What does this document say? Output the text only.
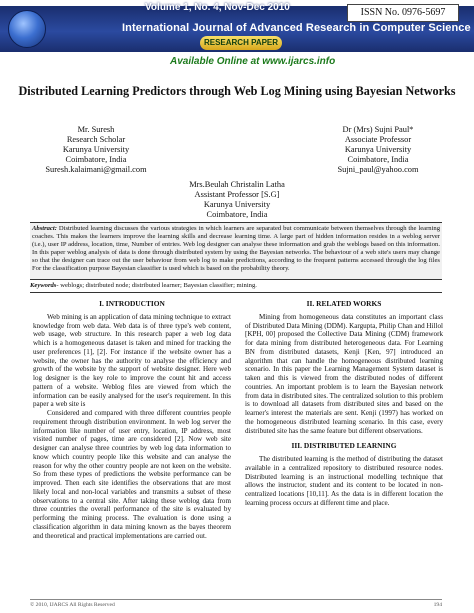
Volume 1, No. 4, Nov-Dec 2010	ISSN No. 0976-5697
International Journal of Advanced Research in Computer Science
RESEARCH PAPER
Available Online at www.ijarcs.info
Distributed Learning Predictors through Web Log Mining using Bayesian Networks
Mr. Suresh
Research Scholar
Karunya University
Coimbatore, India
Suresh.kalaimani@gmail.com
Dr (Mrs) Sujni Paul*
Associate Professor
Karunya University
Coimbatore, India
Sujni_paul@yahoo.com
Mrs.Beulah Christalin Latha
Assistant Professor [S.G]
Karunya University
Coimbatore, India
Abstract: Distributed learning discusses the various strategies in which learners are separated but communicate between themselves through the learning coaches. This makes the learners improve the learning skills and decrease learning time. A large part of hidden information resides in a weblog server (i.e.), user IP address, location, time, Number of entries. Web log designer can analyse these information and grab the weblogs based on this information. In this paper weblog analysis of data is done through distributed system by using the Bayesian networks. The behaviour of a web site's users may change so that the designer can trace out the user behaviour from web log to make predictions, according to the frequent patterns accessed through the log files For the classification purpose Bayesian classifier is used which is based on the probability theory.
Keywords- weblogs; distributed node; distributed learner; Bayesian classifier; mining.
I. INTRODUCTION

Web mining is an application of data mining technique to extract knowledge from web data. Web data is of three type's web content, web usage, web structure. In this research paper a web log data which is a homogeneous dataset is taken and mined for tracking the user preferences [1], [2]. For instance if the website owner has a website, the owner has the authority to analyse the efficiency and growth of the website by the support of website designer. Here web log designer is the key role to improve the count hit and access pattern of a website. Weblog files are viewed from which the information can be easily analysed for the user's requirement. In this paper a web site is

Considered and compared with three different countries people requirement through distribution environment. In web log server the information like number of user entry, location, IP address, most visited number of pages, time are considered [2]. Now web site designer can analyse three countries by web log data information to know which country people like this website and can analyse the reason for why the other country people are not keen on the website. So from these types of predictions the website performance can be improved. Then each site identifies the observations that are most likely local and non-local variables and transmits a subset of these observations to a central site. After taking these weblog data from three countries the overall performance of the site is evaluated by performing the mining process. The evaluation is done using a classification algorithm in data mining known as the bayes theorem and theoretical and practical implementations are carried out.

II. RELATED WORKS

Mining from homogeneous data constitutes an important class of Distributed Data Mining (DDM). Kargupta, Philip Chan and Hillol [KPH, 00] proposed the Collective Data Mining (CDM) framework for data mining from distributed heterogeneous data. For Learning BN from distributed datasets, Kenji [Ken, 97] introduced an algorithm that can handle the homogeneous distributed learning scenario. In this paper the Learning Management System dataset is taken and this is viewed from the distributed nodes of different countries. An important problem is to learn the Bayesian network from data in distributed sites. The centralized solution to this problem is to download all datasets from distributed sites and based on the learner's interest the materials are sent. Kenji (1997) has worked on the homogeneous distributed learning scenario. In this case, every distributed site has the same feature but different observations.

III. DISTRIBUTED LEARNING

The distributed learning is the method of distributing the dataset available in a centralized repository to distributed resource nodes. Distributed learning is an instructional modelling technique that allows the instructor, student and its content to be located in non-centralized locations [10,11]. As the data is in different location the learning process occurs at different time and place.

© 2010, IJARCS All Rights Reserved	194
